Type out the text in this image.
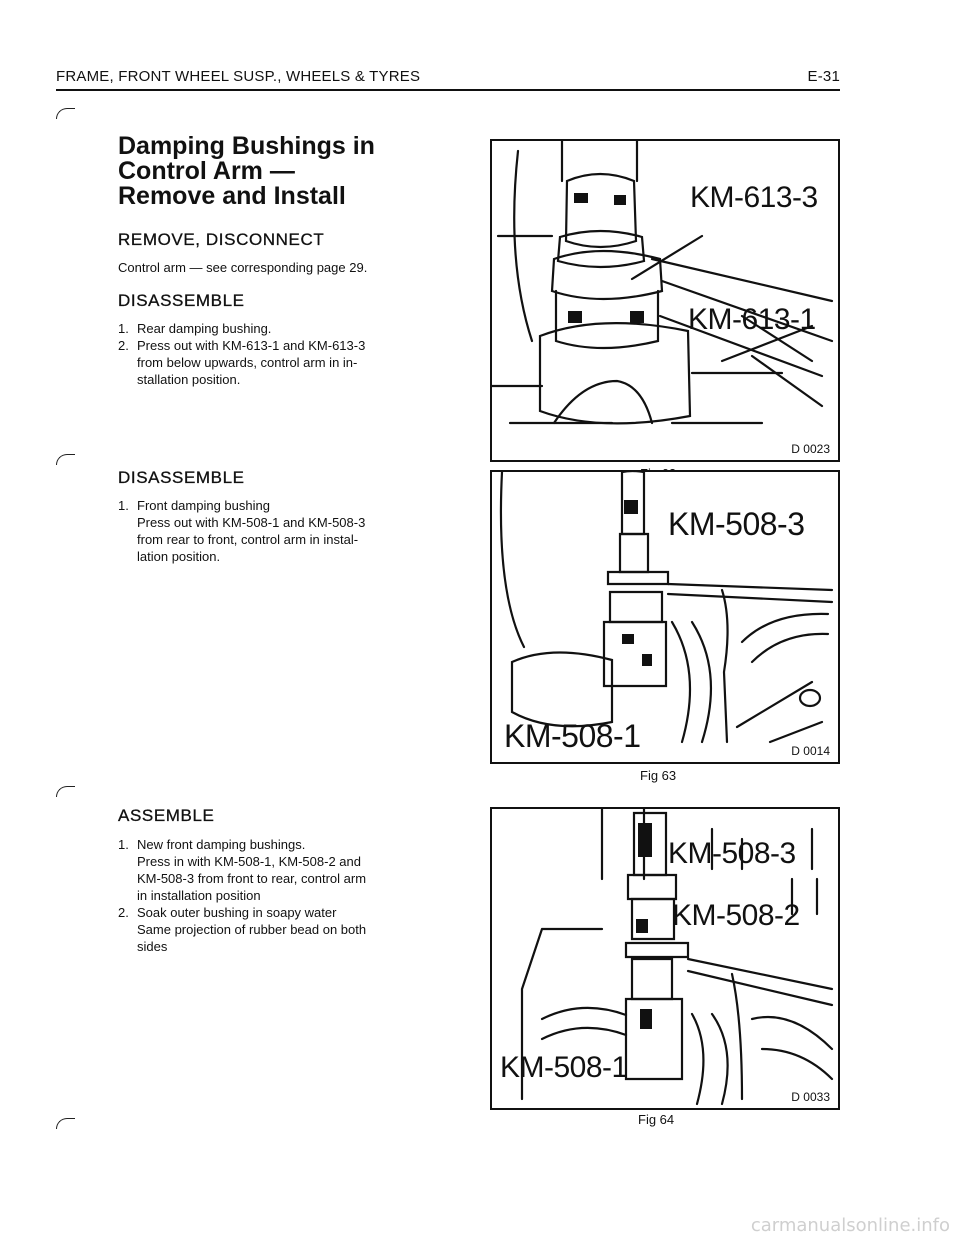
FRAME, FRONT WHEEL SUSP., WHEELS & TYRES	E-31
Damping Bushings in
Control Arm —
Remove and Install
REMOVE, DISCONNECT
Control arm — see corresponding page 29.
DISASSEMBLE
1. Rear damping bushing.
2. Press out with KM-613-1 and KM-613-3
from below upwards, control arm in in-
stallation position.
DISASSEMBLE
1. Front damping bushing
Press out with KM-508-1 and KM-508-3
from rear to front, control arm in instal-
lation position.
ASSEMBLE
1. New front damping bushings.
Press in with KM-508-1, KM-508-2 and
KM-508-3 from front to rear, control arm
in installation position
2. Soak outer bushing in soapy water
Same projection of rubber bead on both
sides
KM-613-3
KM-613-1
D 0023
KM-508-3
KM-508-1	D 0014
Fig 63
KM-508-3
KM-508-2
KM-508-1
D 0033
Fig 64
carmanualsonline.info
